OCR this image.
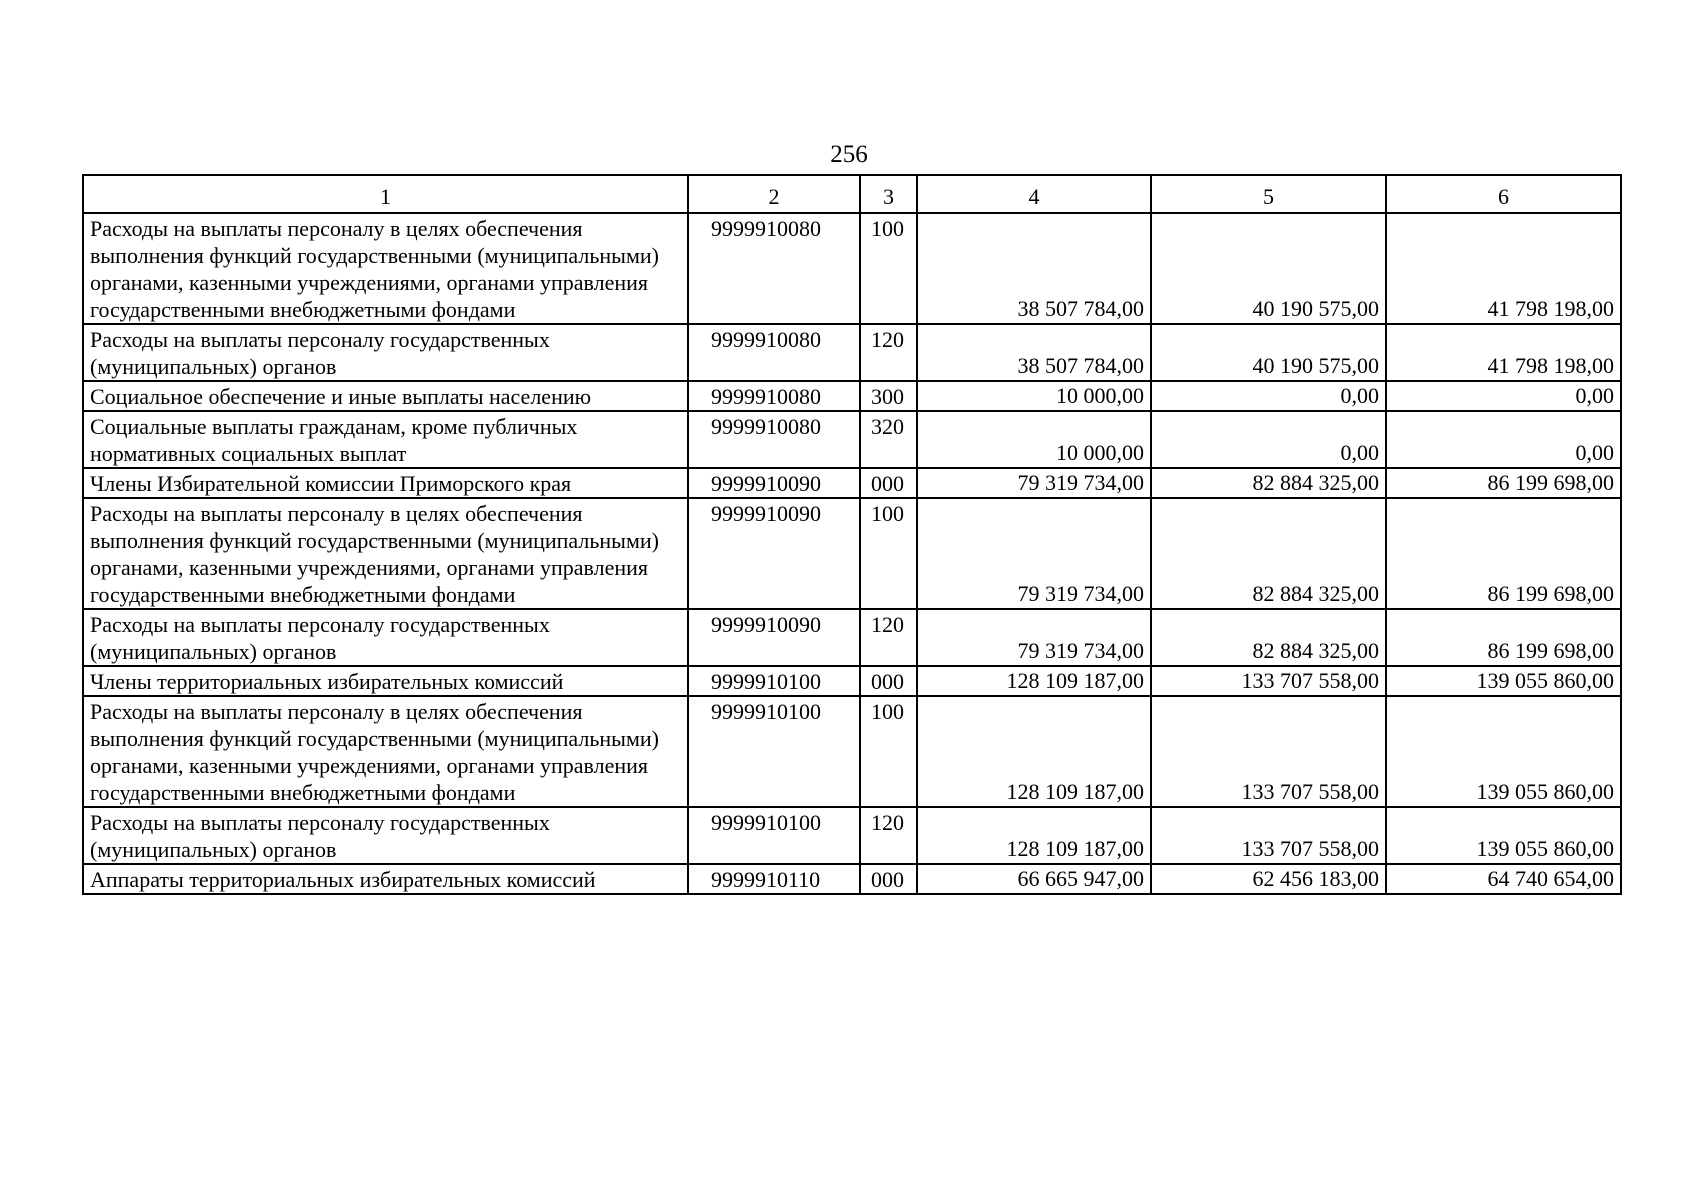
256
1	2	3	4	5	6
Расходы на выплаты персоналу в целях обеспечения выполнения функций государственными (муниципальными) органами, казенными учреждениями, органами управления государственными внебюджетными фондами	9999910080	100	38 507 784,00	40 190 575,00	41 798 198,00
Расходы на выплаты персоналу государственных (муниципальных) органов	9999910080	120	38 507 784,00	40 190 575,00	41 798 198,00
Социальное обеспечение и иные выплаты населению	9999910080	300	10 000,00	0,00	0,00
Социальные выплаты гражданам, кроме публичных нормативных социальных выплат	9999910080	320	10 000,00	0,00	0,00
Члены Избирательной комиссии Приморского края	9999910090	000	79 319 734,00	82 884 325,00	86 199 698,00
Расходы на выплаты персоналу в целях обеспечения выполнения функций государственными (муниципальными) органами, казенными учреждениями, органами управления государственными внебюджетными фондами	9999910090	100	79 319 734,00	82 884 325,00	86 199 698,00
Расходы на выплаты персоналу государственных (муниципальных) органов	9999910090	120	79 319 734,00	82 884 325,00	86 199 698,00
Члены территориальных избирательных комиссий	9999910100	000	128 109 187,00	133 707 558,00	139 055 860,00
Расходы на выплаты персоналу в целях обеспечения выполнения функций государственными (муниципальными) органами, казенными учреждениями, органами управления государственными внебюджетными фондами	9999910100	100	128 109 187,00	133 707 558,00	139 055 860,00
Расходы на выплаты персоналу государственных (муниципальных) органов	9999910100	120	128 109 187,00	133 707 558,00	139 055 860,00
Аппараты территориальных избирательных комиссий	9999910110	000	66 665 947,00	62 456 183,00	64 740 654,00
